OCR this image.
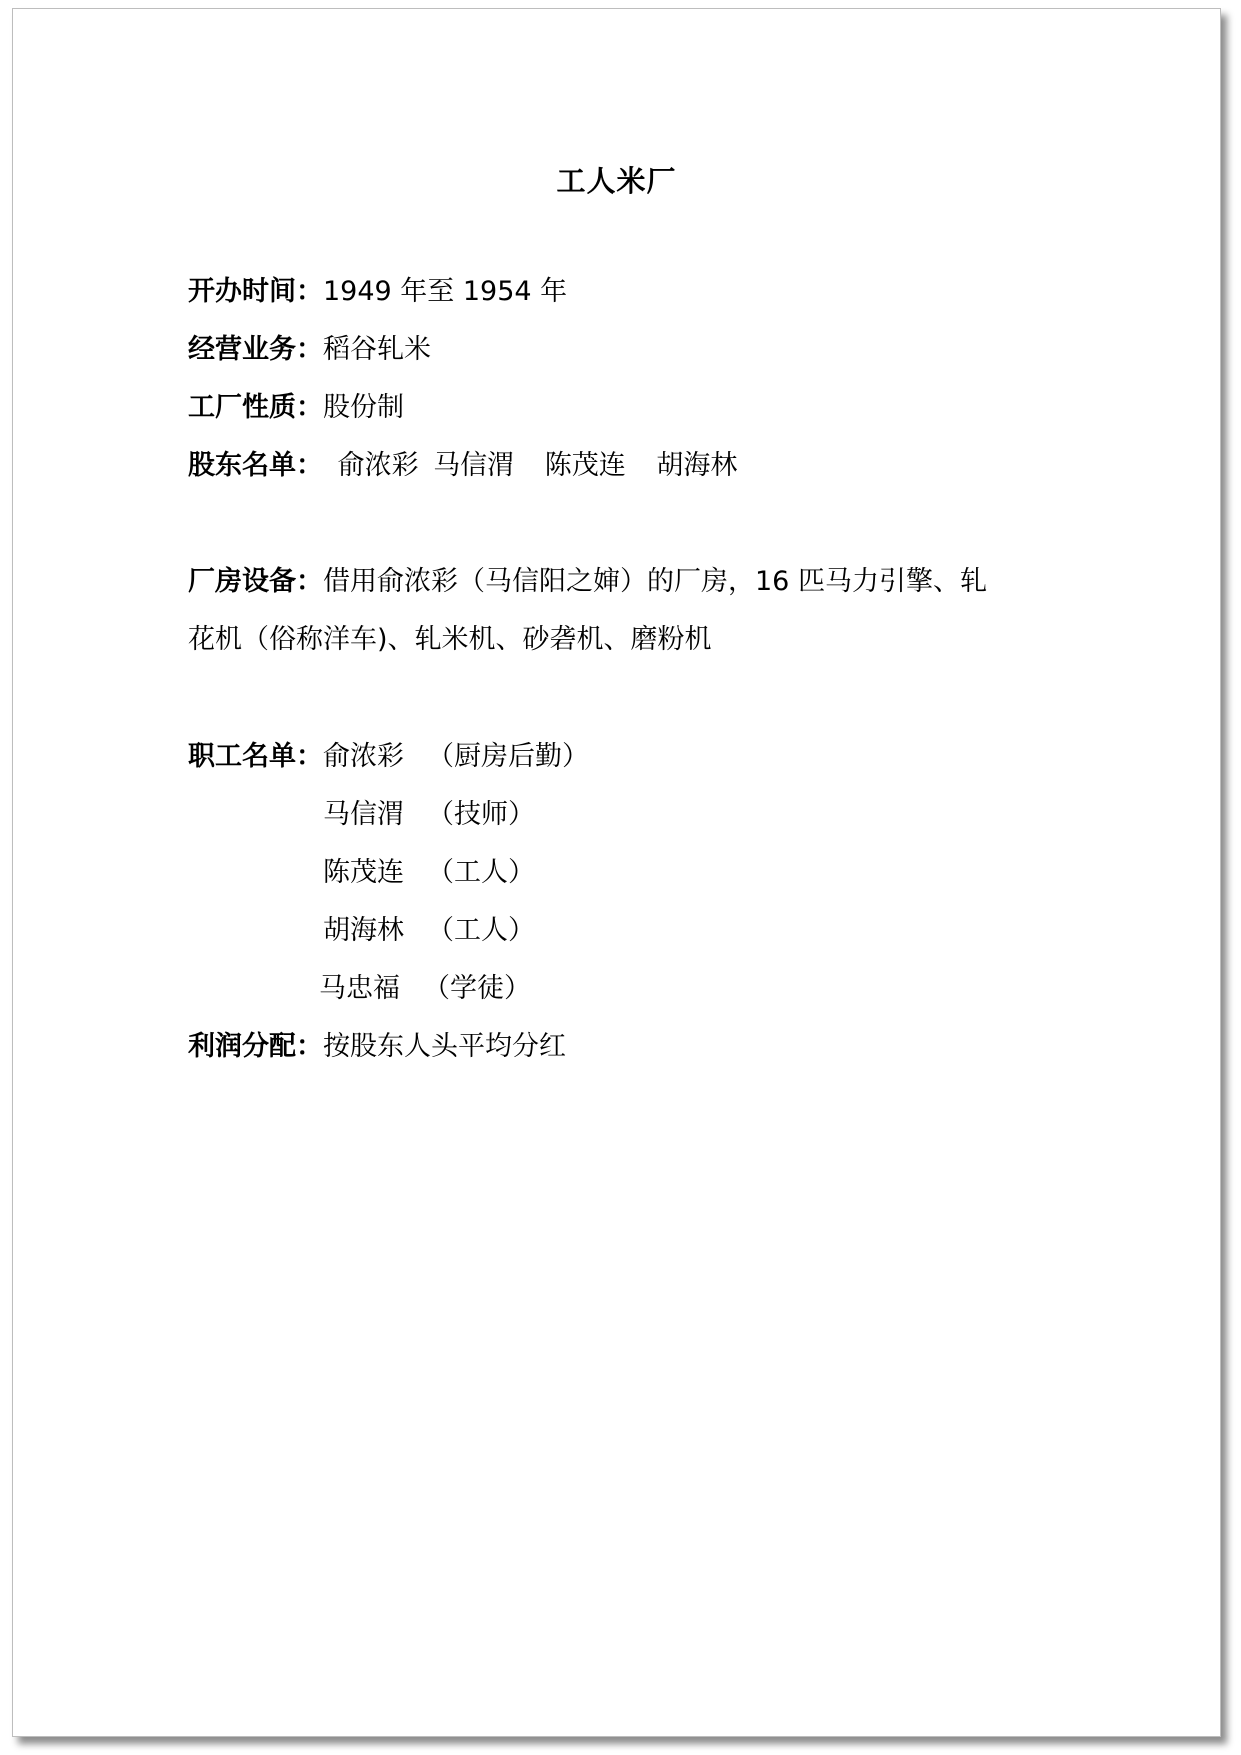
工人米厂
开办时间：1949 年至 1954 年
经营业务：稻谷轧米
工厂性质：股份制
股东名单： 俞浓彩 马信渭 陈茂连 胡海林
厂房设备：借用俞浓彩（马信阳之婶）的厂房，16 匹马力引擎、轧
花机（俗称洋车)、轧米机、砂砻机、磨粉机
职工名单： 俞浓彩 （厨房后勤）
马信渭 （技师）
陈茂连 （工人）
胡海林 （工人）
马忠福 （学徒）
利润分配：按股东人头平均分红
